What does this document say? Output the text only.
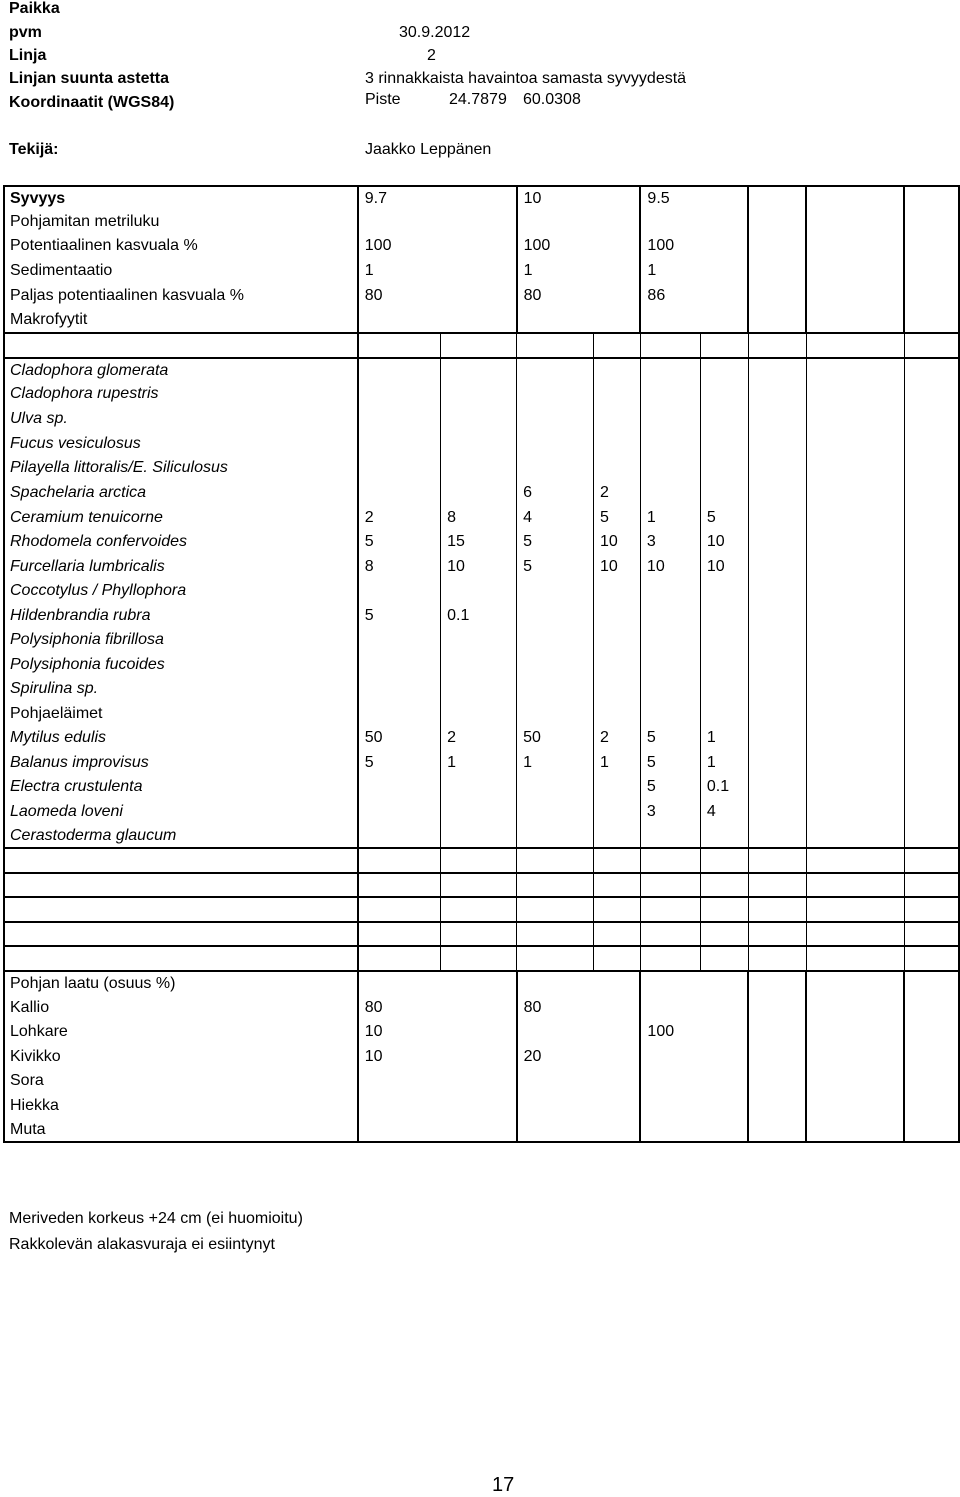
Paikka
pvm	30.9.2012
Linja	2
Linjan suunta astetta	3 rinnakkaista havaintoa samasta syvyydestä
Koordinaatit (WGS84)	Piste	24.7879 60.0308
Tekijä:	Jaakko Leppänen
Syvyys	9.7		10		9.5				
Pohjamitan metriluku									
Potentiaalinen kasvuala %	100		100		100				
Sedimentaatio	1		1		1				
Paljas potentiaalinen kasvuala %	80		80		86				
Makrofyytit									

Cladophora glomerata									
Cladophora rupestris									
Ulva sp.									
Fucus vesiculosus									
Pilayella littoralis/E. Siliculosus									
Spachelaria arctica			6	2					
Ceramium tenuicorne	2	8	4	5	1	5			
Rhodomela confervoides	5	15	5	10	3	10			
Furcellaria lumbricalis	8	10	5	10	10	10			
Coccotylus / Phyllophora									
Hildenbrandia rubra	5	0.1							
Polysiphonia fibrillosa									
Polysiphonia fucoides									
Spirulina sp.									
Pohjaeläimet									
Mytilus edulis	50	2	50	2	5	1			
Balanus improvisus	5	1	1	1	5	1			
Electra crustulenta					5	0.1			
Laomeda loveni					3	4			
Cerastoderma glaucum									

Pohjan laatu (osuus %)									
Kallio	80		80						
Lohkare	10				100				
Kivikko	10		20						
Sora									
Hiekka									
Muta									
Meriveden korkeus +24 cm (ei huomioitu)
Rakkolevän alakasvuraja ei esiintynyt
17
